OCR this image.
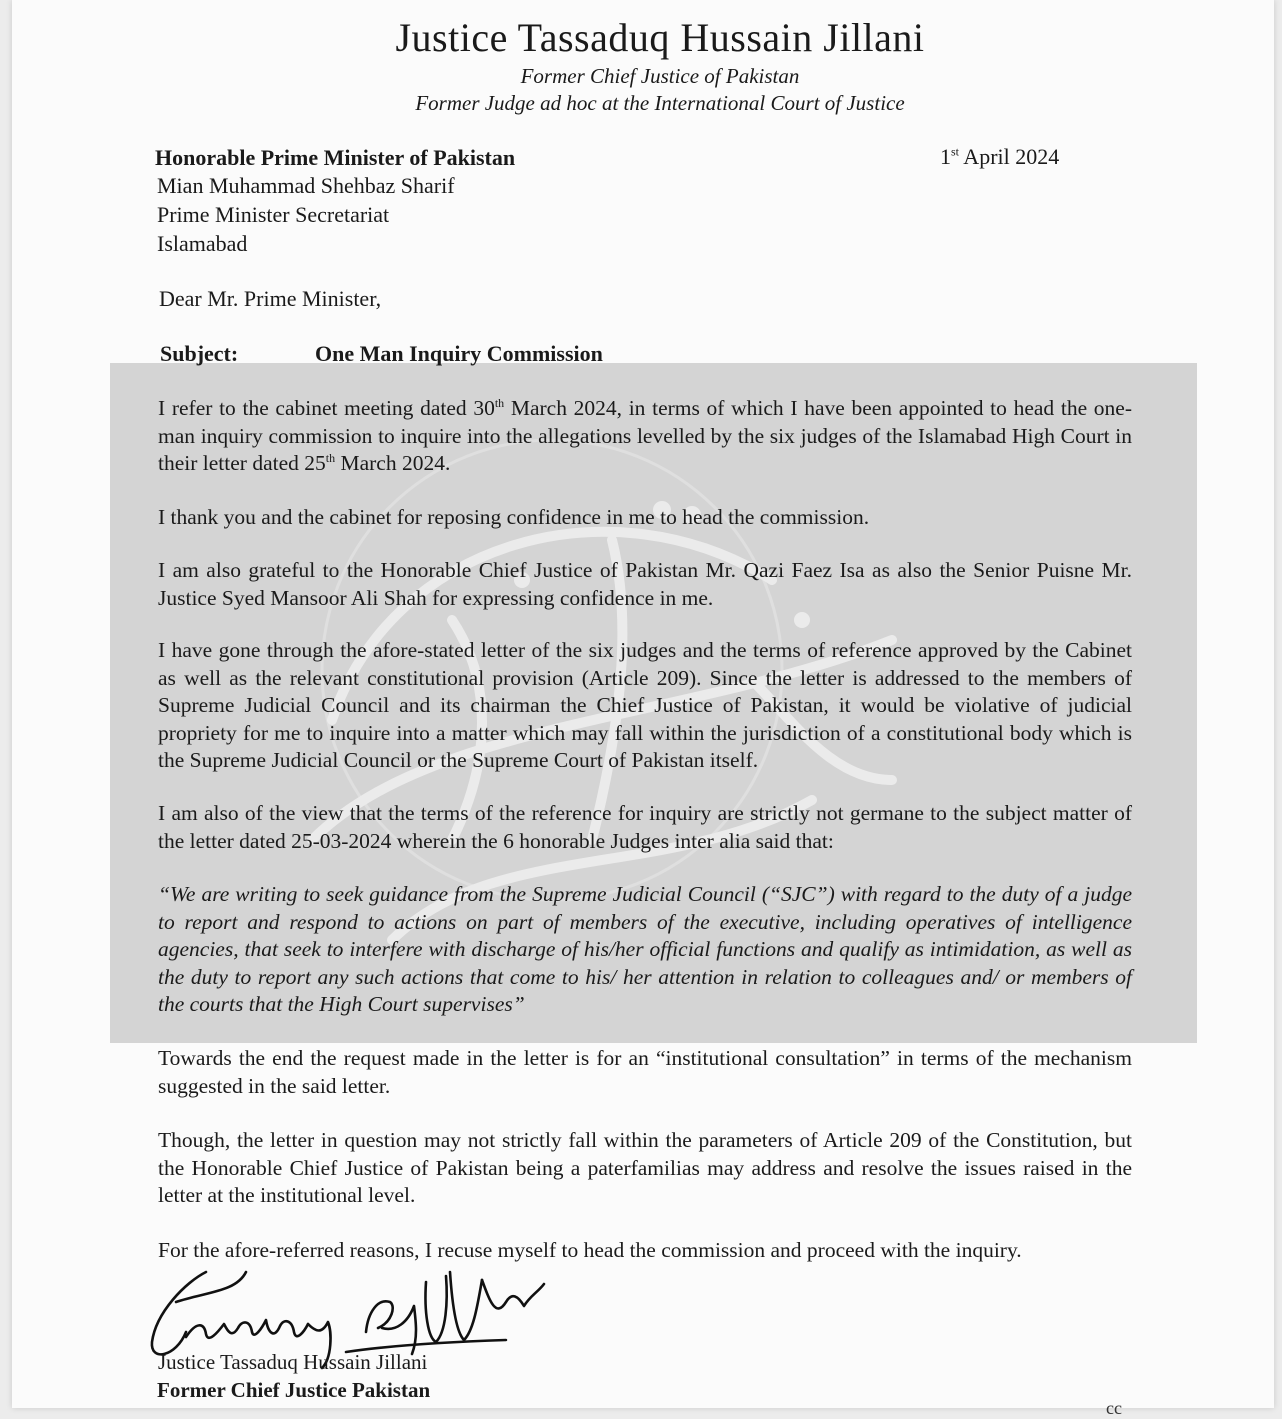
Justice Tassaduq Hussain Jillani
Former Chief Justice of Pakistan
Former Judge ad hoc at the International Court of Justice
Honorable Prime Minister of Pakistan
Mian Muhammad Shehbaz Sharif
Prime Minister Secretariat
Islamabad
1st April 2024
Dear Mr. Prime Minister,
Subject:	One Man Inquiry Commission
I refer to the cabinet meeting dated 30th March 2024, in terms of which I have been appointed to head the one-man inquiry commission to inquire into the allegations levelled by the six judges of the Islamabad High Court in their letter dated 25th March 2024.
I thank you and the cabinet for reposing confidence in me to head the commission.
I am also grateful to the Honorable Chief Justice of Pakistan Mr. Qazi Faez Isa as also the Senior Puisne Mr. Justice Syed Mansoor Ali Shah for expressing confidence in me.
I have gone through the afore-stated letter of the six judges and the terms of reference approved by the Cabinet as well as the relevant constitutional provision (Article 209). Since the letter is addressed to the members of Supreme Judicial Council and its chairman the Chief Justice of Pakistan, it would be violative of judicial propriety for me to inquire into a matter which may fall within the jurisdiction of a constitutional body which is the Supreme Judicial Council or the Supreme Court of Pakistan itself.
I am also of the view that the terms of the reference for inquiry are strictly not germane to the subject matter of the letter dated 25-03-2024 wherein the 6 honorable Judges inter alia said that:
“We are writing to seek guidance from the Supreme Judicial Council (“SJC”) with regard to the duty of a judge to report and respond to actions on part of members of the executive, including operatives of intelligence agencies, that seek to interfere with discharge of his/her official functions and qualify as intimidation, as well as the duty to report any such actions that come to his/ her attention in relation to colleagues and/ or members of the courts that the High Court supervises”
Towards the end the request made in the letter is for an “institutional consultation” in terms of the mechanism suggested in the said letter.
Though, the letter in question may not strictly fall within the parameters of Article 209 of the Constitution, but the Honorable Chief Justice of Pakistan being a paterfamilias may address and resolve the issues raised in the letter at the institutional level.
For the afore-referred reasons, I recuse myself to head the commission and proceed with the inquiry.
Justice Tassaduq Hussain Jillani
Former Chief Justice Pakistan
cc
